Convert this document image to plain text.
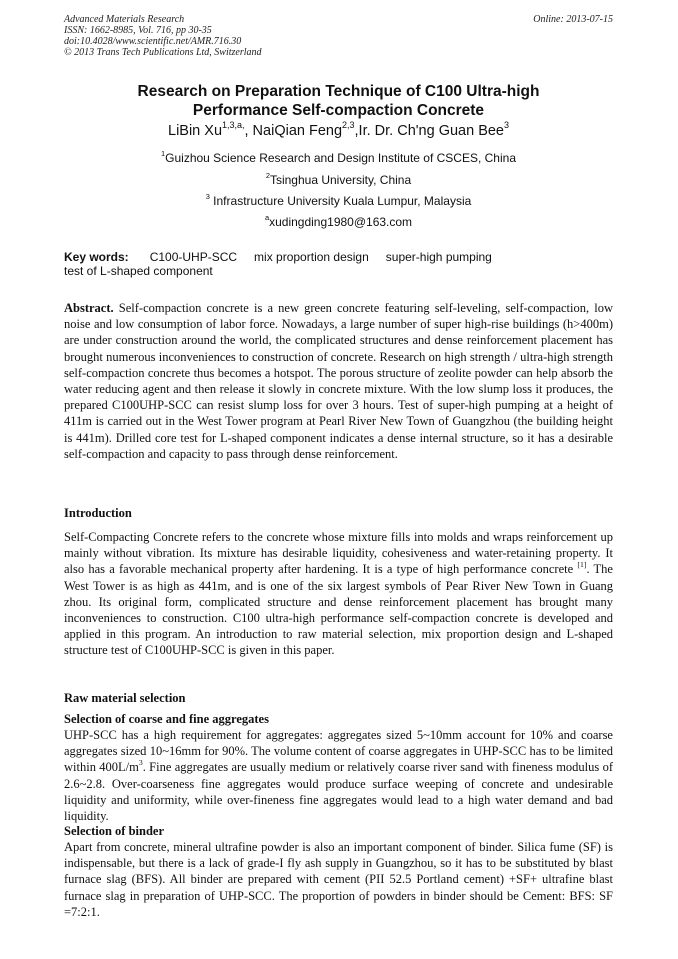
Advanced Materials Research
ISSN: 1662-8985, Vol. 716, pp 30-35
doi:10.4028/www.scientific.net/AMR.716.30
© 2013 Trans Tech Publications Ltd, Switzerland
Online: 2013-07-15
Research on Preparation Technique of C100 Ultra-high
Performance Self-compaction Concrete
LiBin $Xu^{1,3,a,}$, NaiQian Feng$^{2,3}$,Ir. Dr. Ch'ng Guan Bee$^3$
$^1$Guizhou Science Research and Design Institute of CSCES, China
$^2$Tsinghua University, China
$^3$ Infrastructure University Kuala Lumpur, Malaysia
$^a$xudingding1980@163.com
Key words: C100-UHP-SCC mix proportion design super-high pumping
test of L-shaped component

Abstract. Self-compaction concrete is a new green concrete featuring self-leveling, self-compaction, low noise and low consumption of labor force. Nowadays, a large number of super high-rise buildings (h>400m) are under construction around the world, the complicated structures and dense reinforcement placement has brought numerous inconveniences to construction of concrete. Research on high strength / ultra-high strength self-compaction concrete thus becomes a hotspot. The porous structure of zeolite powder can help absorb the water reducing agent and then release it slowly in concrete mixture. With the low slump loss it produces, the prepared C100UHP-SCC can resist slump loss for over 3 hours. Test of super-high pumping at a height of 411m is carried out in the West Tower program at Pearl River New Town of Guangzhou (the building height is 441m). Drilled core test for L-shaped component indicates a dense internal structure, so it has a desirable self-compaction and capacity to pass through dense reinforcement.

Introduction

Self-Compacting Concrete refers to the concrete whose mixture fills into molds and wraps reinforcement up mainly without vibration. Its mixture has desirable liquidity, cohesiveness and water-retaining property. It also has a favorable mechanical property after hardening. It is a type of high performance concrete [1]. The West Tower is as high as 441m, and is one of the six largest symbols of Pear River New Town in Guang zhou. Its original form, complicated structure and dense reinforcement placement has brought many inconveniences to construction. C100 ultra-high performance self-compaction concrete is developed and applied in this program. An introduction to raw material selection, mix proportion design and L-shaped structure test of C100UHP-SCC is given in this paper.

Raw material selection
Selection of coarse and fine aggregates

UHP-SCC has a high requirement for aggregates: aggregates sized 5~10mm account for 10% and coarse aggregates sized 10~16mm for 90%. The volume content of coarse aggregates in UHP-SCC has to be limited within $400L/m^3$. Fine aggregates are usually medium or relatively coarse river sand with fineness modulus of 2.6~2.8. Over-coarseness fine aggregates would produce surface weeping of concrete and undesirable liquidity and uniformity, while over-fineness fine aggregates would lead to a high water demand and bad liquidity.

Selection of binder

Apart from concrete, mineral ultrafine powder is also an important component of binder. Silica fume (SF) is indispensable, but there is a lack of grade-I fly ash supply in Guangzhou, so it has to be substituted by blast furnace slag (BFS). All binder are prepared with cement (PII 52.5 Portland cement) +SF+ ultrafine blast furnace slag in preparation of UHP-SCC. The proportion of powders in binder should be Cement: BFS: SF =7:2:1.
